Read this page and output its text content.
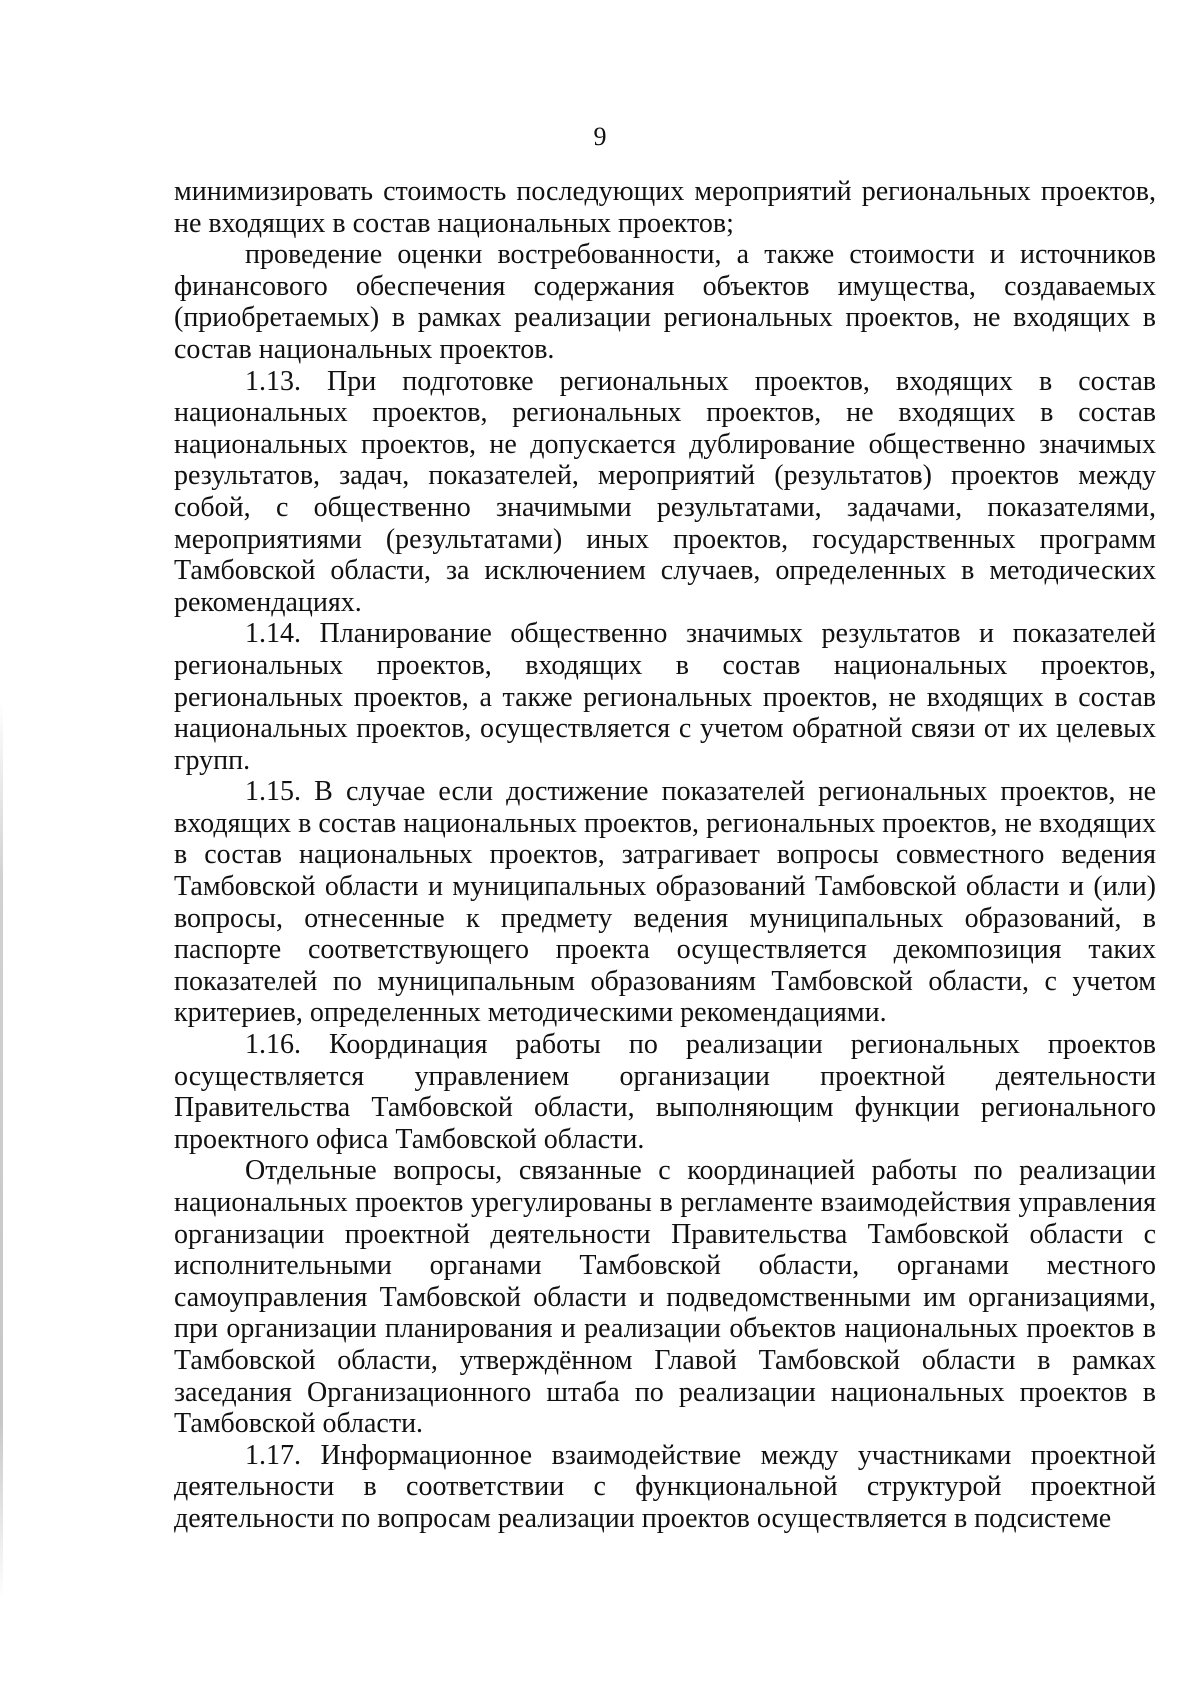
9

минимизировать стоимость последующих мероприятий региональных проектов, не входящих в состав национальных проектов;

проведение оценки востребованности, а также стоимости и источников финансового обеспечения содержания объектов имущества, создаваемых (приобретаемых) в рамках реализации региональных проектов, не входящих в состав национальных проектов.

1.13. При подготовке региональных проектов, входящих в состав национальных проектов, региональных проектов, не входящих в состав национальных проектов, не допускается дублирование общественно значимых результатов, задач, показателей, мероприятий (результатов) проектов между собой, с общественно значимыми результатами, задачами, показателями, мероприятиями (результатами) иных проектов, государственных программ Тамбовской области, за исключением случаев, определенных в методических рекомендациях.

1.14. Планирование общественно значимых результатов и показателей региональных проектов, входящих в состав национальных проектов, региональных проектов, а также региональных проектов, не входящих в состав национальных проектов, осуществляется с учетом обратной связи от их целевых групп.

1.15. В случае если достижение показателей региональных проектов, не входящих в состав национальных проектов, региональных проектов, не входящих в состав национальных проектов, затрагивает вопросы совместного ведения Тамбовской области и муниципальных образований Тамбовской области и (или) вопросы, отнесенные к предмету ведения муниципальных образований, в паспорте соответствующего проекта осуществляется декомпозиция таких показателей по муниципальным образованиям Тамбовской области, с учетом критериев, определенных методическими рекомендациями.

1.16. Координация работы по реализации региональных проектов осуществляется управлением организации проектной деятельности Правительства Тамбовской области, выполняющим функции регионального проектного офиса Тамбовской области.

Отдельные вопросы, связанные с координацией работы по реализации национальных проектов урегулированы в регламенте взаимодействия управления организации проектной деятельности Правительства Тамбовской области с исполнительными органами Тамбовской области, органами местного самоуправления Тамбовской области и подведомственными им организациями, при организации планирования и реализации объектов национальных проектов в Тамбовской области, утверждённом Главой Тамбовской области в рамках заседания Организационного штаба по реализации национальных проектов в Тамбовской области.

1.17. Информационное взаимодействие между участниками проектной деятельности в соответствии с функциональной структурой проектной деятельности по вопросам реализации проектов осуществляется в подсистеме
